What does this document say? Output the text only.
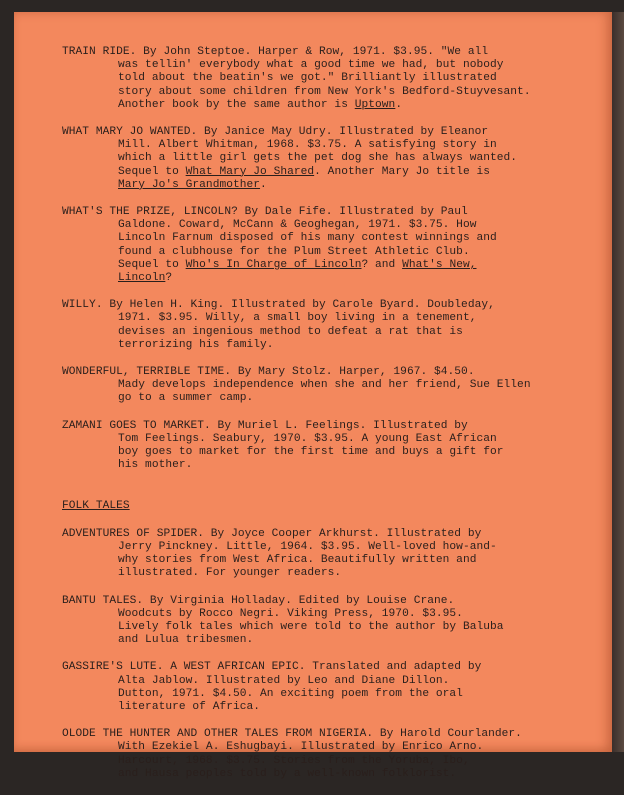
TRAIN RIDE. By John Steptoe. Harper & Row, 1971. $3.95. "We all
was tellin' everybody what a good time we had, but nobody
told about the beatin's we got." Brilliantly illustrated
story about some children from New York's Bedford-Stuyvesant.
Another book by the same author is Uptown.
WHAT MARY JO WANTED. By Janice May Udry. Illustrated by Eleanor
Mill. Albert Whitman, 1968. $3.75. A satisfying story in
which a little girl gets the pet dog she has always wanted.
Sequel to What Mary Jo Shared. Another Mary Jo title is
Mary Jo's Grandmother.
WHAT'S THE PRIZE, LINCOLN? By Dale Fife. Illustrated by Paul
Galdone. Coward, McCann & Geoghegan, 1971. $3.75. How
Lincoln Farnum disposed of his many contest winnings and
found a clubhouse for the Plum Street Athletic Club.
Sequel to Who's In Charge of Lincoln? and What's New,
Lincoln?
WILLY. By Helen H. King. Illustrated by Carole Byard. Doubleday,
1971. $3.95. Willy, a small boy living in a tenement,
devises an ingenious method to defeat a rat that is
terrorizing his family.
WONDERFUL, TERRIBLE TIME. By Mary Stolz. Harper, 1967. $4.50.
Mady develops independence when she and her friend, Sue Ellen
go to a summer camp.
ZAMANI GOES TO MARKET. By Muriel L. Feelings. Illustrated by
Tom Feelings. Seabury, 1970. $3.95. A young East African
boy goes to market for the first time and buys a gift for
his mother.
FOLK TALES
ADVENTURES OF SPIDER. By Joyce Cooper Arkhurst. Illustrated by
Jerry Pinckney. Little, 1964. $3.95. Well-loved how-and-
why stories from West Africa. Beautifully written and
illustrated. For younger readers.
BANTU TALES. By Virginia Holladay. Edited by Louise Crane.
Woodcuts by Rocco Negri. Viking Press, 1970. $3.95.
Lively folk tales which were told to the author by Baluba
and Lulua tribesmen.
GASSIRE'S LUTE. A WEST AFRICAN EPIC. Translated and adapted by
Alta Jablow. Illustrated by Leo and Diane Dillon.
Dutton, 1971. $4.50. An exciting poem from the oral
literature of Africa.
OLODE THE HUNTER AND OTHER TALES FROM NIGERIA. By Harold Courlander.
With Ezekiel A. Eshugbayi. Illustrated by Enrico Arno.
Harcourt, 1968. $3.75. Stories from the Yoruba, Ibo,
and Hausa peoples told by a well-known folklorist.
